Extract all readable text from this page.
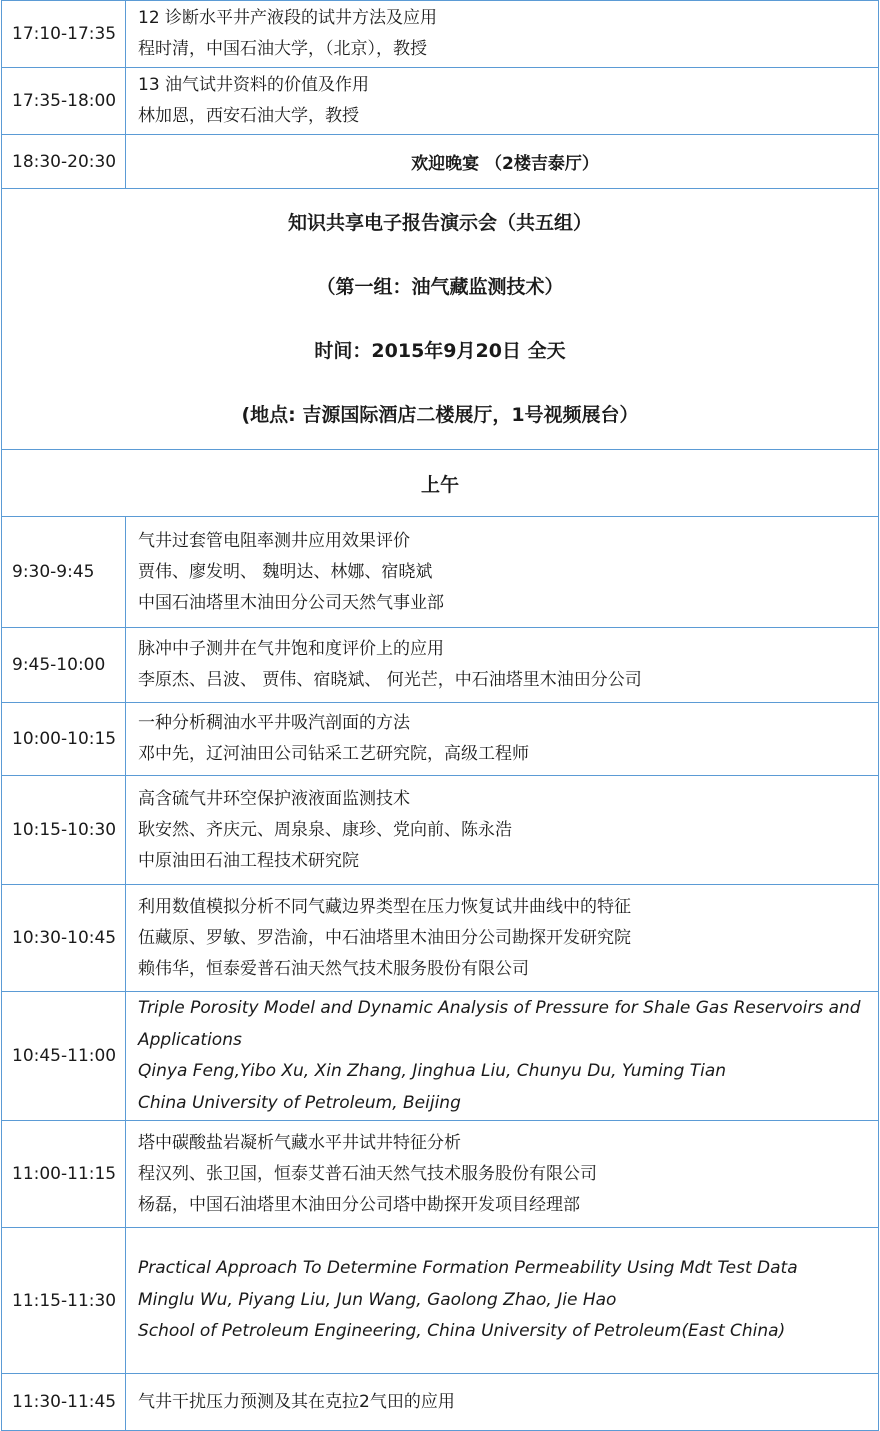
17:10-17:35	12 诊断水平井产液段的试井方法及应用
程时清，中国石油大学，（北京），教授

17:35-18:00	13 油气试井资料的价值及作用
林加恩，西安石油大学，教授

18:30-20:30	欢迎晚宴 （2楼吉泰厅）

知识共享电子报告演示会（共五组）
（第一组：油气藏监测技术）
时间：2015年9月20日 全天
(地点: 吉源国际酒店二楼展厅，1号视频展台）	

上午	
9:30-9:45	气井过套管电阻率测井应用效果评价
贾伟、廖发明、 魏明达、林娜、宿晓斌
中国石油塔里木油田分公司天然气事业部

9:45-10:00	脉冲中子测井在气井饱和度评价上的应用
李原杰、吕波、 贾伟、宿晓斌、 何光芒，中石油塔里木油田分公司

10:00-10:15	一种分析稠油水平井吸汽剖面的方法
邓中先，辽河油田公司钻采工艺研究院，高级工程师

10:15-10:30	高含硫气井环空保护液液面监测技术
耿安然、齐庆元、周泉泉、康珍、党向前、陈永浩
中原油田石油工程技术研究院

10:30-10:45	利用数值模拟分析不同气藏边界类型在压力恢复试井曲线中的特征
伍藏原、罗敏、罗浩渝，中石油塔里木油田分公司勘探开发研究院
赖伟华，恒泰爱普石油天然气技术服务股份有限公司

10:45-11:00	Triple Porosity Model and Dynamic Analysis of Pressure for Shale Gas Reservoirs and Applications
Qinya Feng,Yibo Xu, Xin Zhang, Jinghua Liu, Chunyu Du, Yuming Tian
China University of Petroleum, Beijing

11:00-11:15	塔中碳酸盐岩凝析气藏水平井试井特征分析
程汉列、张卫国，恒泰艾普石油天然气技术服务股份有限公司
杨磊，中国石油塔里木油田分公司塔中勘探开发项目经理部

11:15-11:30	Practical Approach To Determine Formation Permeability Using Mdt Test Data
Minglu Wu, Piyang Liu, Jun Wang, Gaolong Zhao, Jie Hao
School of Petroleum Engineering, China University of Petroleum(East China)

11:30-11:45	气井干扰压力预测及其在克拉2气田的应用
